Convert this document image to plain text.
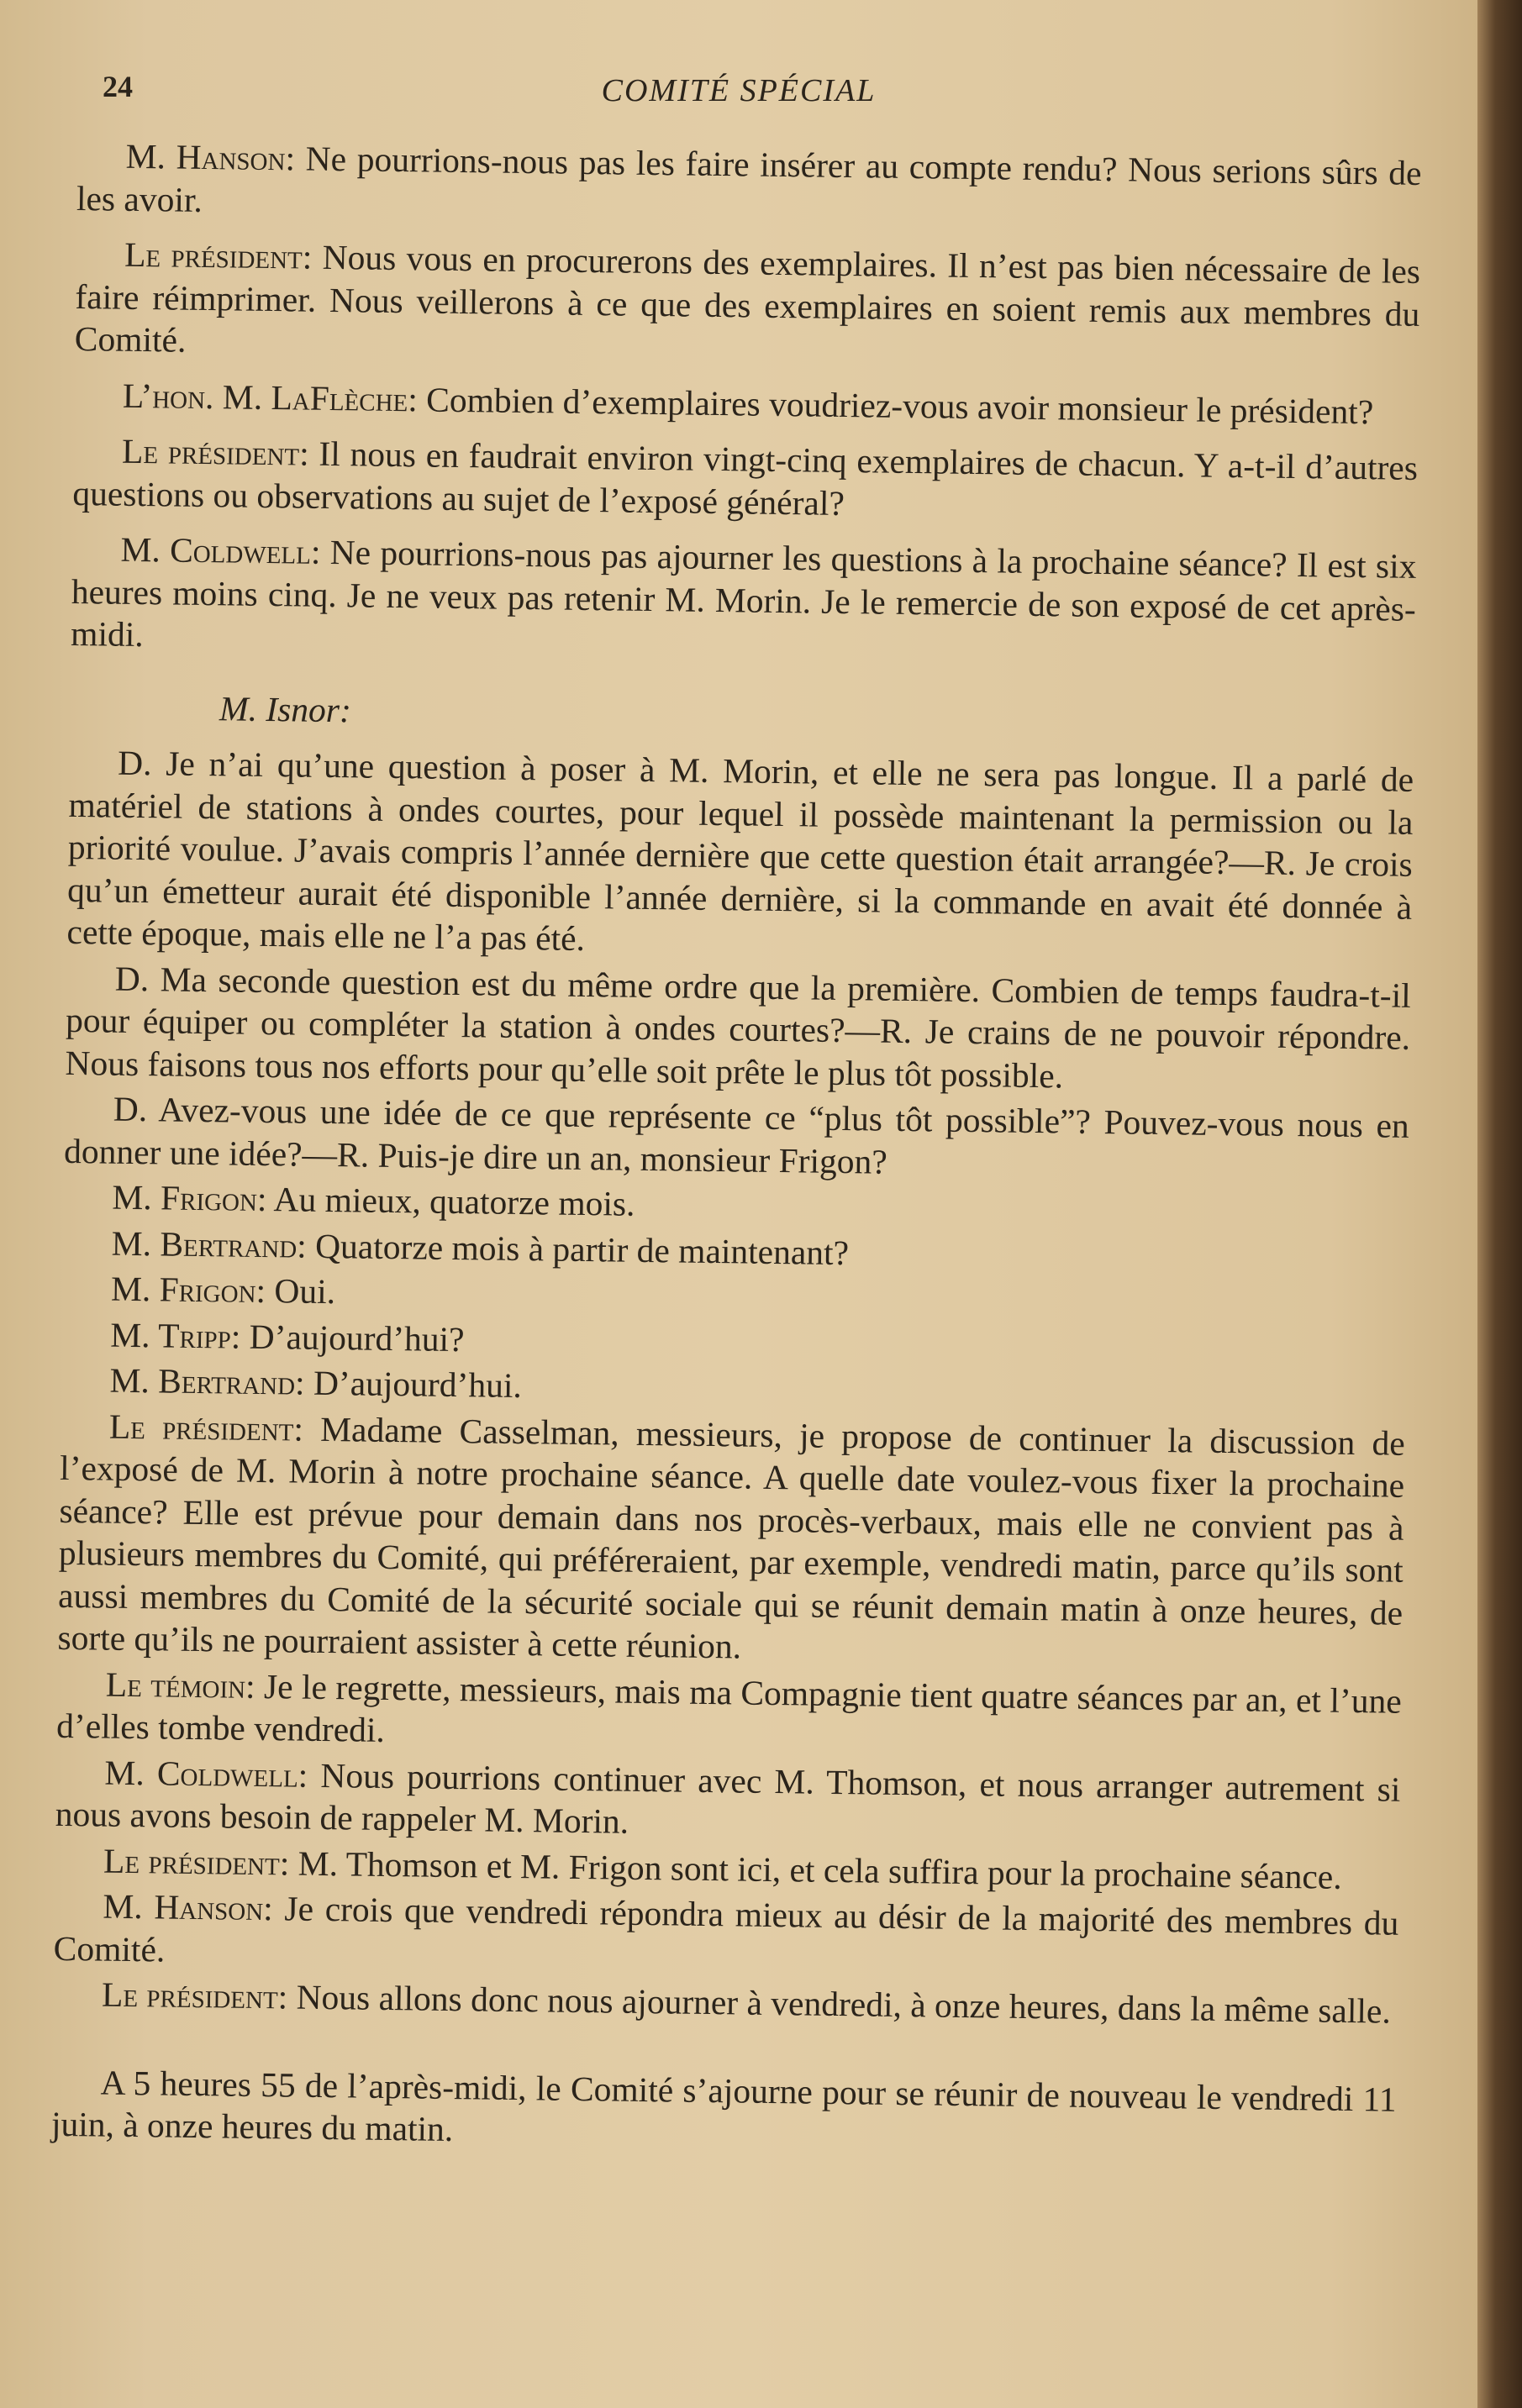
24	COMITÉ SPÉCIAL

M. Hanson: Ne pourrions-nous pas les faire insérer au compte rendu? Nous serions sûrs de les avoir.

Le président: Nous vous en procurerons des exemplaires. Il n’est pas bien nécessaire de les faire réimprimer. Nous veillerons à ce que des exemplaires en soient remis aux membres du Comité.

L’hon. M. LaFlèche: Combien d’exemplaires voudriez-vous avoir monsieur le président?

Le président: Il nous en faudrait environ vingt-cinq exemplaires de chacun. Y a-t-il d’autres questions ou observations au sujet de l’exposé général?

M. Coldwell: Ne pourrions-nous pas ajourner les questions à la prochaine séance? Il est six heures moins cinq. Je ne veux pas retenir M. Morin. Je le remercie de son exposé de cet après-midi.

M. Isnor:

D. Je n’ai qu’une question à poser à M. Morin, et elle ne sera pas longue. Il a parlé de matériel de stations à ondes courtes, pour lequel il possède maintenant la permission ou la priorité voulue. J’avais compris l’année dernière que cette question était arrangée?—R. Je crois qu’un émetteur aurait été disponible l’année dernière, si la commande en avait été donnée à cette époque, mais elle ne l’a pas été.

D. Ma seconde question est du même ordre que la première. Combien de temps faudra-t-il pour équiper ou compléter la station à ondes courtes?—R. Je crains de ne pouvoir répondre. Nous faisons tous nos efforts pour qu’elle soit prête le plus tôt possible.

D. Avez-vous une idée de ce que représente ce “plus tôt possible”? Pouvez-vous nous en donner une idée?—R. Puis-je dire un an, monsieur Frigon?

M. Frigon: Au mieux, quatorze mois.

M. Bertrand: Quatorze mois à partir de maintenant?

M. Frigon: Oui.

M. Tripp: D’aujourd’hui?

M. Bertrand: D’aujourd’hui.

Le président: Madame Casselman, messieurs, je propose de continuer la discussion de l’exposé de M. Morin à notre prochaine séance. A quelle date voulez-vous fixer la prochaine séance? Elle est prévue pour demain dans nos procès-verbaux, mais elle ne convient pas à plusieurs membres du Comité, qui préféreraient, par exemple, vendredi matin, parce qu’ils sont aussi membres du Comité de la sécurité sociale qui se réunit demain matin à onze heures, de sorte qu’ils ne pourraient assister à cette réunion.

Le témoin: Je le regrette, messieurs, mais ma Compagnie tient quatre séances par an, et l’une d’elles tombe vendredi.

M. Coldwell: Nous pourrions continuer avec M. Thomson, et nous arranger autrement si nous avons besoin de rappeler M. Morin.

Le président: M. Thomson et M. Frigon sont ici, et cela suffira pour la prochaine séance.

M. Hanson: Je crois que vendredi répondra mieux au désir de la majorité des membres du Comité.

Le président: Nous allons donc nous ajourner à vendredi, à onze heures, dans la même salle.

A 5 heures 55 de l’après-midi, le Comité s’ajourne pour se réunir de nouveau le vendredi 11 juin, à onze heures du matin.
